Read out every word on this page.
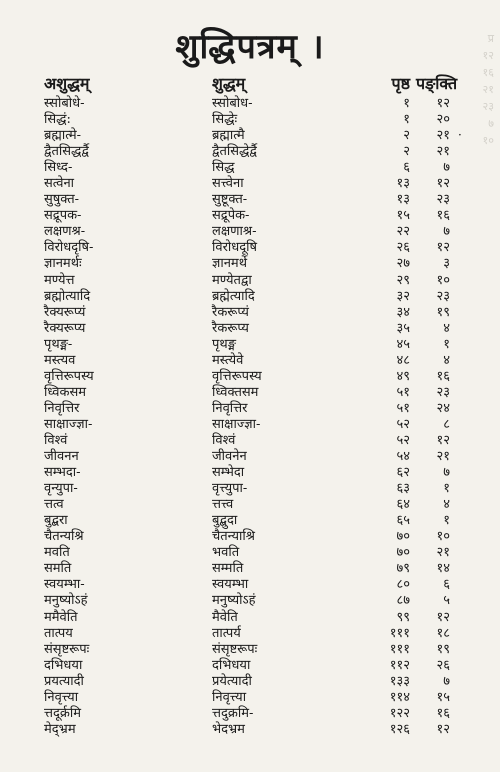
शुद्धिपत्रम् ।
अशुद्धम्	शुद्धम्	पृष्ठ पङ्क्ति
स्सोबोधे-	स्सोबोध-	१	१२
सिद्धं:	सिद्धेः	१	२०
ब्रह्मात्मे-	ब्रह्मात्मै	२	२१
द्वैतसिद्धर्द्वै	द्वैतसिद्धेर्द्वै	२	२१
सिध्द-	सिद्ध	६	७
सत्वेना	सत्त्वेना	१३	१२
सुषुक्त-	सुष्टूक्त-	१३	२३
सद्रूपक-	सद्रूपेक-	१५	१६
लक्षणश्र-	लक्षणाश्र-	२२	७
विरोधदृषि-	विरोधदूषि	२६	१२
ज्ञानमर्थः	ज्ञानमर्थे	२७	३
मण्येत्त	मण्येतद्वा	२९	१०
ब्रह्मोत्यादि	ब्रह्मेत्यादि	३२	२३
रैक्यरूप्यं	रैकरूप्यं	३४	१९
रैक्यरूप्य	रैकरूप्य	३५	४
पृथङ्म-	पृथङ्म	४५	१
मस्त्यव	मस्त्येवे	४८	४
वृत्तिरूपस्य	वृत्तिरूपस्य	४९	१६
ध्विकसम	ध्विक्तसम	५१	२३
निवृत्तिर	निवृत्तिर	५१	२४
साक्षाज्ज्ञा-	साक्षाज्ज्ञा-	५२	८
विश्वं	विश्वं	५२	१२
जीवनन	जीवनेन	५४	२१
सम्भदा-	सम्भेदा	६२	७
वृन्युपा-	वृत्त्युपा-	६३	१
त्तत्व	त्तत्त्व	६४	४
बुद्बरा	बुद्बुदा	६५	१
चैतन्यश्रि	चैतन्याश्रि	७०	१०
मवति	भवति	७०	२१
समति	सम्मति	७९	१४
स्वयम्भा-	स्वयम्भा	८०	६
मनुष्योऽहं	मनुष्योऽहं	८७	५
ममैवेति	मैवेति	९९	१२
तात्पय	तात्पर्य	१११	१८
संसृष्टरूपः	संसृष्टरूपः	१११	१९
दभिधया	दभिधया	११२	२६
प्रयत्यादी	प्रयेत्यादी	१३३	७
निवृत्त्या	निवृत्त्या	११४	१५
त्तदूर्क्रमि	त्तदुक्रमि-	१२२	१६
मेद्भ्रम	भेदभ्रम	१२६	१२
प्र
१२
१६
२१
२३
७
१०
·
